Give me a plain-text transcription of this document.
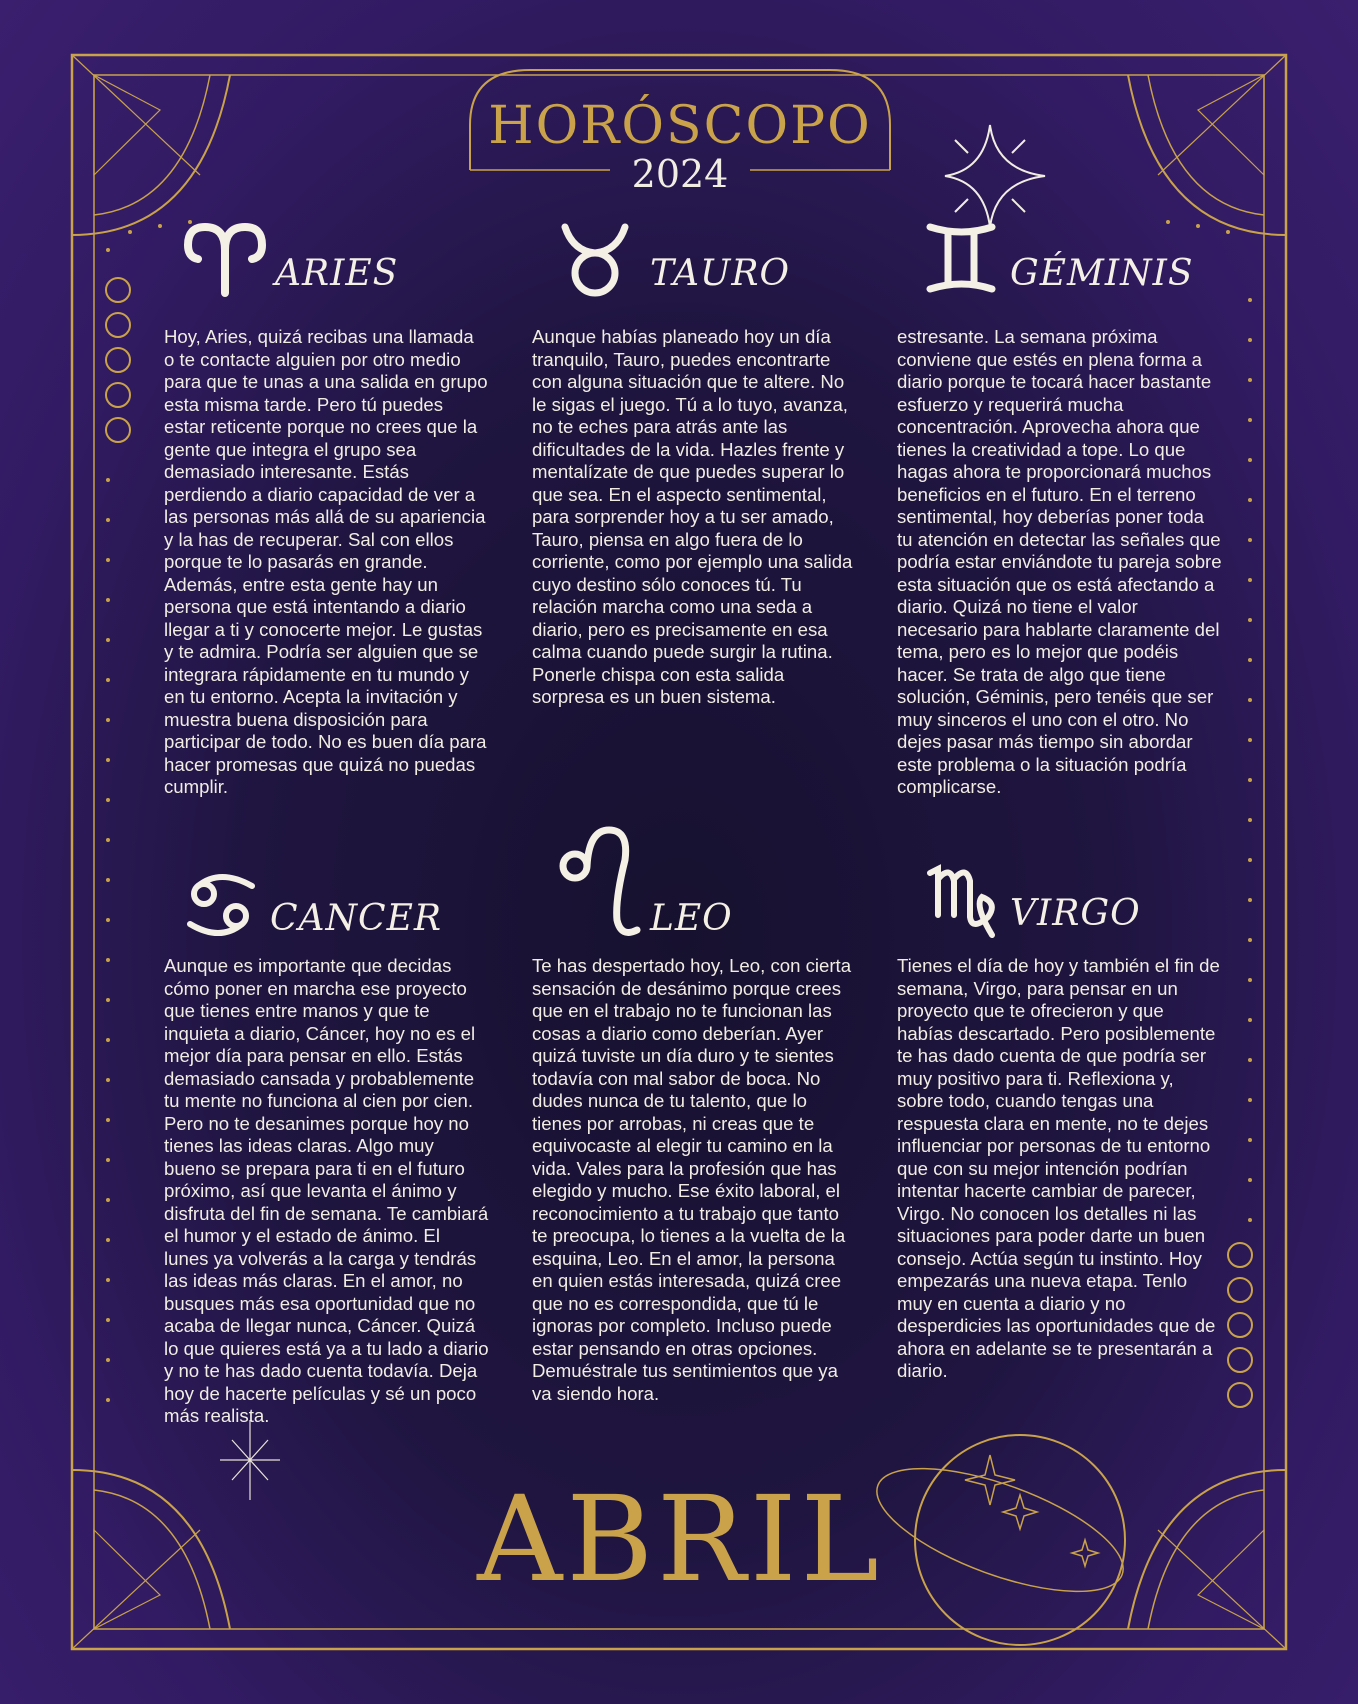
HORÓSCOPO
2024
ARIES

Hoy, Aries, quizá recibas una llamada o te contacte alguien por otro medio para que te unas a una salida en grupo esta misma tarde. Pero tú puedes estar reticente porque no crees que la gente que integra el grupo sea demasiado interesante. Estás perdiendo a diario capacidad de ver a las personas más allá de su apariencia y la has de recuperar. Sal con ellos porque te lo pasarás en grande. Además, entre esta gente hay un persona que está intentando a diario llegar a ti y conocerte mejor. Le gustas y te admira. Podría ser alguien que se integrara rápidamente en tu mundo y en tu entorno. Acepta la invitación y muestra buena disposición para participar de todo. No es buen día para hacer promesas que quizá no puedas cumplir.

TAURO

Aunque habías planeado hoy un día tranquilo, Tauro, puedes encontrarte con alguna situación que te altere. No le sigas el juego. Tú a lo tuyo, avanza, no te eches para atrás ante las dificultades de la vida. Hazles frente y mentalízate de que puedes superar lo que sea. En el aspecto sentimental, para sorprender hoy a tu ser amado, Tauro, piensa en algo fuera de lo corriente, como por ejemplo una salida cuyo destino sólo conoces tú. Tu relación marcha como una seda a diario, pero es precisamente en esa calma cuando puede surgir la rutina. Ponerle chispa con esta salida sorpresa es un buen sistema.

GÉMINIS

estresante. La semana próxima conviene que estés en plena forma a diario porque te tocará hacer bastante esfuerzo y requerirá mucha concentración. Aprovecha ahora que tienes la creatividad a tope. Lo que hagas ahora te proporcionará muchos beneficios en el futuro. En el terreno sentimental, hoy deberías poner toda tu atención en detectar las señales que podría estar enviándote tu pareja sobre esta situación que os está afectando a diario. Quizá no tiene el valor necesario para hablarte claramente del tema, pero es lo mejor que podéis hacer. Se trata de algo que tiene solución, Géminis, pero tenéis que ser muy sinceros el uno con el otro. No dejes pasar más tiempo sin abordar este problema o la situación podría complicarse.

CANCER

Aunque es importante que decidas cómo poner en marcha ese proyecto que tienes entre manos y que te inquieta a diario, Cáncer, hoy no es el mejor día para pensar en ello. Estás demasiado cansada y probablemente tu mente no funciona al cien por cien. Pero no te desanimes porque hoy no tienes las ideas claras. Algo muy bueno se prepara para ti en el futuro próximo, así que levanta el ánimo y disfruta del fin de semana. Te cambiará el humor y el estado de ánimo. El lunes ya volverás a la carga y tendrás las ideas más claras. En el amor, no busques más esa oportunidad que no acaba de llegar nunca, Cáncer. Quizá lo que quieres está ya a tu lado a diario y no te has dado cuenta todavía. Deja hoy de hacerte películas y sé un poco más realista.

LEO

Te has despertado hoy, Leo, con cierta sensación de desánimo porque crees que en el trabajo no te funcionan las cosas a diario como deberían. Ayer quizá tuviste un día duro y te sientes todavía con mal sabor de boca. No dudes nunca de tu talento, que lo tienes por arrobas, ni creas que te equivocaste al elegir tu camino en la vida. Vales para la profesión que has elegido y mucho. Ese éxito laboral, el reconocimiento a tu trabajo que tanto te preocupa, lo tienes a la vuelta de la esquina, Leo. En el amor, la persona en quien estás interesada, quizá cree que no es correspondida, que tú le ignoras por completo. Incluso puede estar pensando en otras opciones. Demuéstrale tus sentimientos que ya va siendo hora.

VIRGO

Tienes el día de hoy y también el fin de semana, Virgo, para pensar en un proyecto que te ofrecieron y que habías descartado. Pero posiblemente te has dado cuenta de que podría ser muy positivo para ti. Reflexiona y, sobre todo, cuando tengas una respuesta clara en mente, no te dejes influenciar por personas de tu entorno que con su mejor intención podrían intentar hacerte cambiar de parecer, Virgo. No conocen los detalles ni las situaciones para poder darte un buen consejo. Actúa según tu instinto. Hoy empezarás una nueva etapa. Tenlo muy en cuenta a diario y no desperdicies las oportunidades que de ahora en adelante se te presentarán a diario.

ABRIL
